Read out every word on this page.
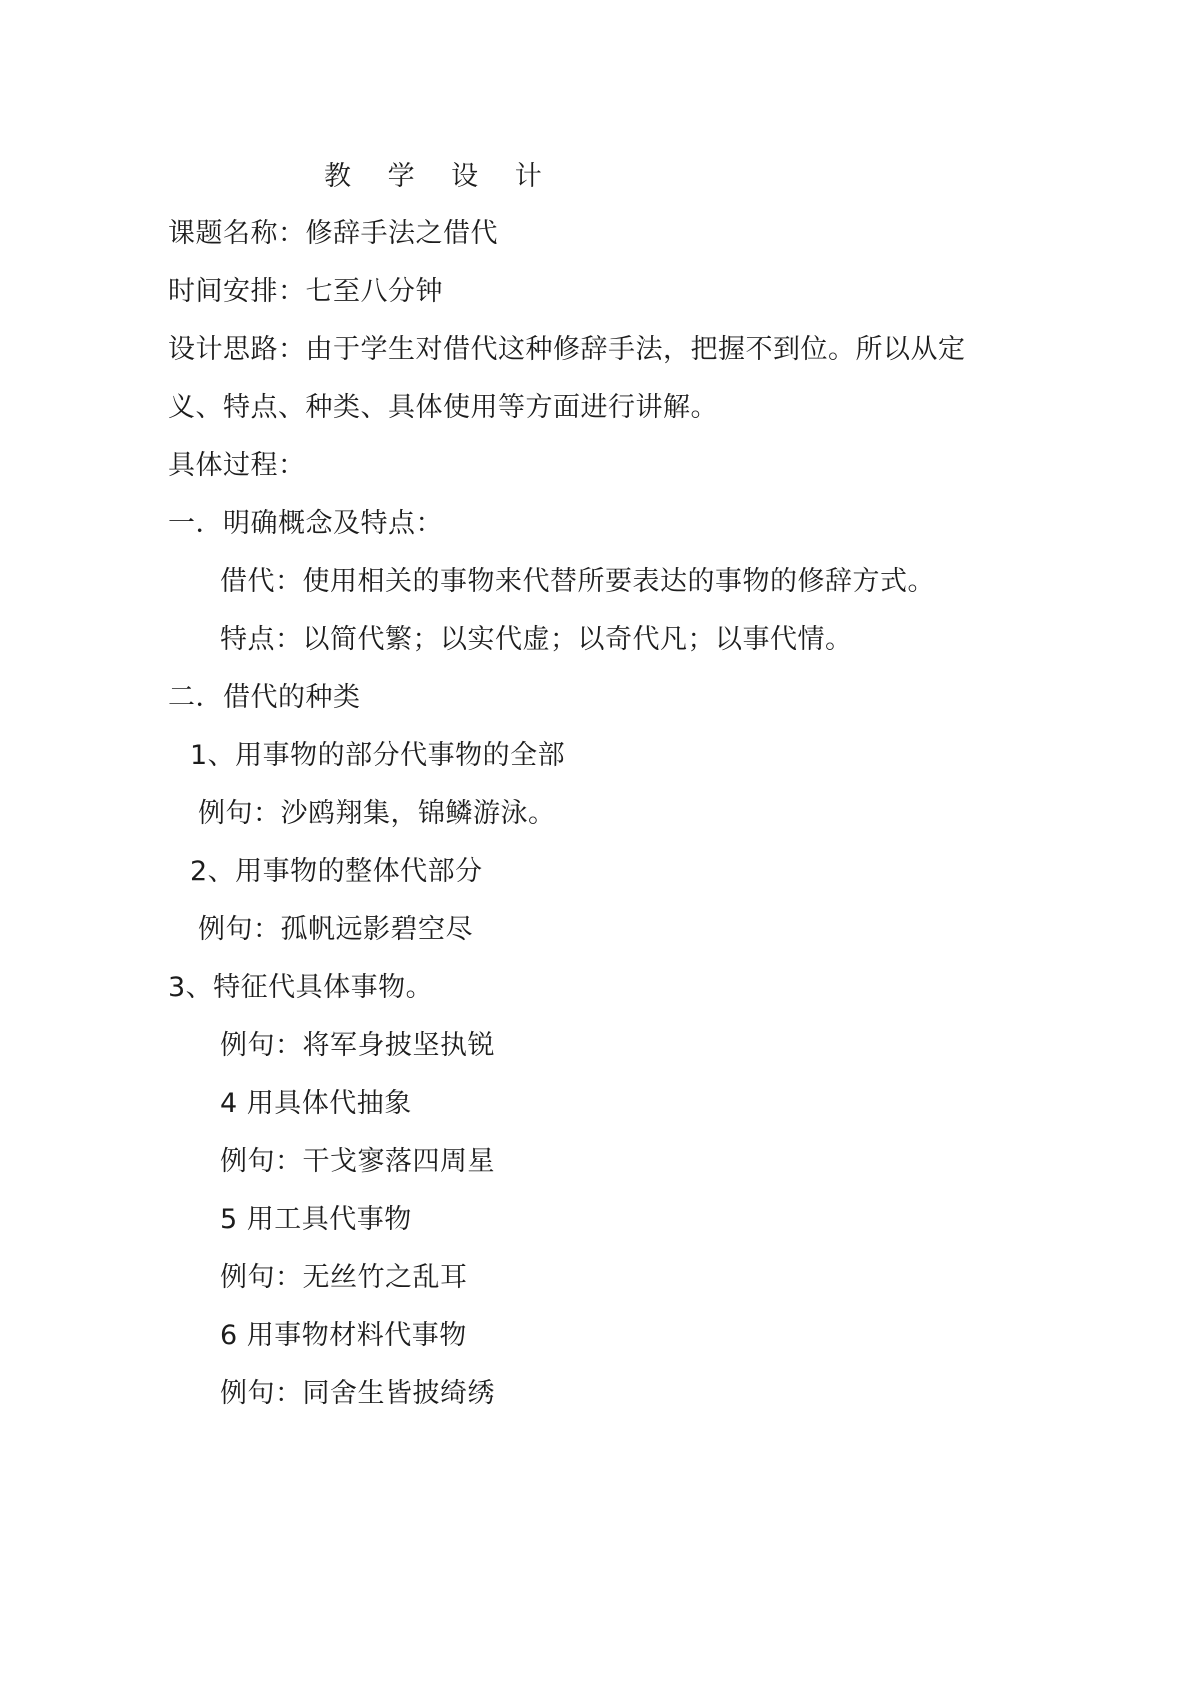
教 学 设 计
课题名称：修辞手法之借代
时间安排：七至八分钟
设计思路：由于学生对借代这种修辞手法，把握不到位。所以从定
义、特点、种类、具体使用等方面进行讲解。
具体过程：
一．明确概念及特点：
借代：使用相关的事物来代替所要表达的事物的修辞方式。
特点：以简代繁；以实代虚；以奇代凡；以事代情。
二．借代的种类
1、用事物的部分代事物的全部
例句：沙鸥翔集，锦鳞游泳。
2、用事物的整体代部分
例句：孤帆远影碧空尽
3、特征代具体事物。
例句：将军身披坚执锐
4 用具体代抽象
例句：干戈寥落四周星
5 用工具代事物
例句：无丝竹之乱耳
6 用事物材料代事物
例句：同舍生皆披绮绣
